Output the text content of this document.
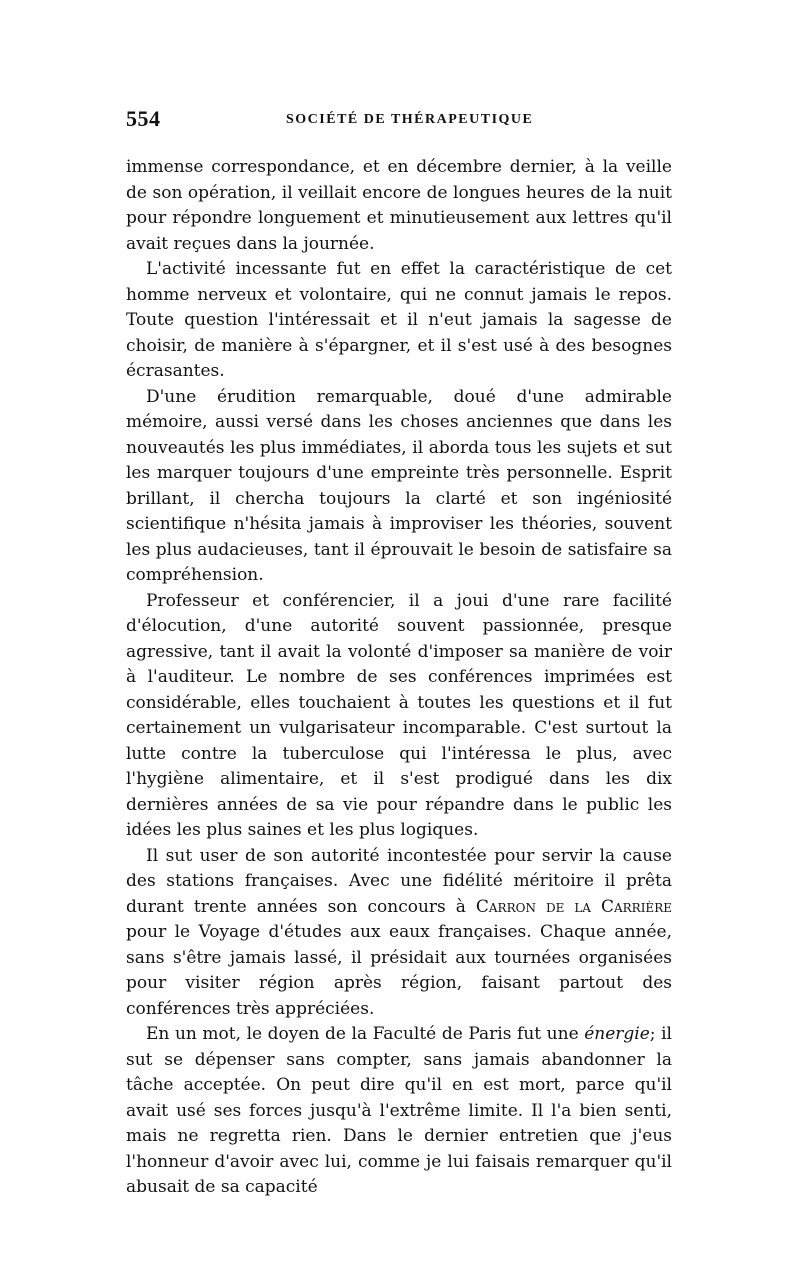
554	SOCIÉTÉ DE THÉRAPEUTIQUE

immense correspondance, et en décembre dernier, à la veille de son opération, il veillait encore de longues heures de la nuit pour répondre longuement et minutieusement aux lettres qu'il avait reçues dans la journée.

L'activité incessante fut en effet la caractéristique de cet homme nerveux et volontaire, qui ne connut jamais le repos. Toute question l'intéressait et il n'eut jamais la sagesse de choisir, de manière à s'épargner, et il s'est usé à des besognes écrasantes.

D'une érudition remarquable, doué d'une admirable mémoire, aussi versé dans les choses anciennes que dans les nouveautés les plus immédiates, il aborda tous les sujets et sut les marquer toujours d'une empreinte très personnelle. Esprit brillant, il chercha toujours la clarté et son ingéniosité scientifique n'hésita jamais à improviser les théories, souvent les plus audacieuses, tant il éprouvait le besoin de satisfaire sa compréhension.

Professeur et conférencier, il a joui d'une rare facilité d'élocution, d'une autorité souvent passionnée, presque agressive, tant il avait la volonté d'imposer sa manière de voir à l'auditeur. Le nombre de ses conférences imprimées est considérable, elles touchaient à toutes les questions et il fut certainement un vulgarisateur incomparable. C'est surtout la lutte contre la tuberculose qui l'intéressa le plus, avec l'hygiène alimentaire, et il s'est prodigué dans les dix dernières années de sa vie pour répandre dans le public les idées les plus saines et les plus logiques.

Il sut user de son autorité incontestée pour servir la cause des stations françaises. Avec une fidélité méritoire il prêta durant trente années son concours à Carron de la Carrière pour le Voyage d'études aux eaux françaises. Chaque année, sans s'être jamais lassé, il présidait aux tournées organisées pour visiter région après région, faisant partout des conférences très appréciées.

En un mot, le doyen de la Faculté de Paris fut une énergie; il sut se dépenser sans compter, sans jamais abandonner la tâche acceptée. On peut dire qu'il en est mort, parce qu'il avait usé ses forces jusqu'à l'extrême limite. Il l'a bien senti, mais ne regretta rien. Dans le dernier entretien que j'eus l'honneur d'avoir avec lui, comme je lui faisais remarquer qu'il abusait de sa capacité
